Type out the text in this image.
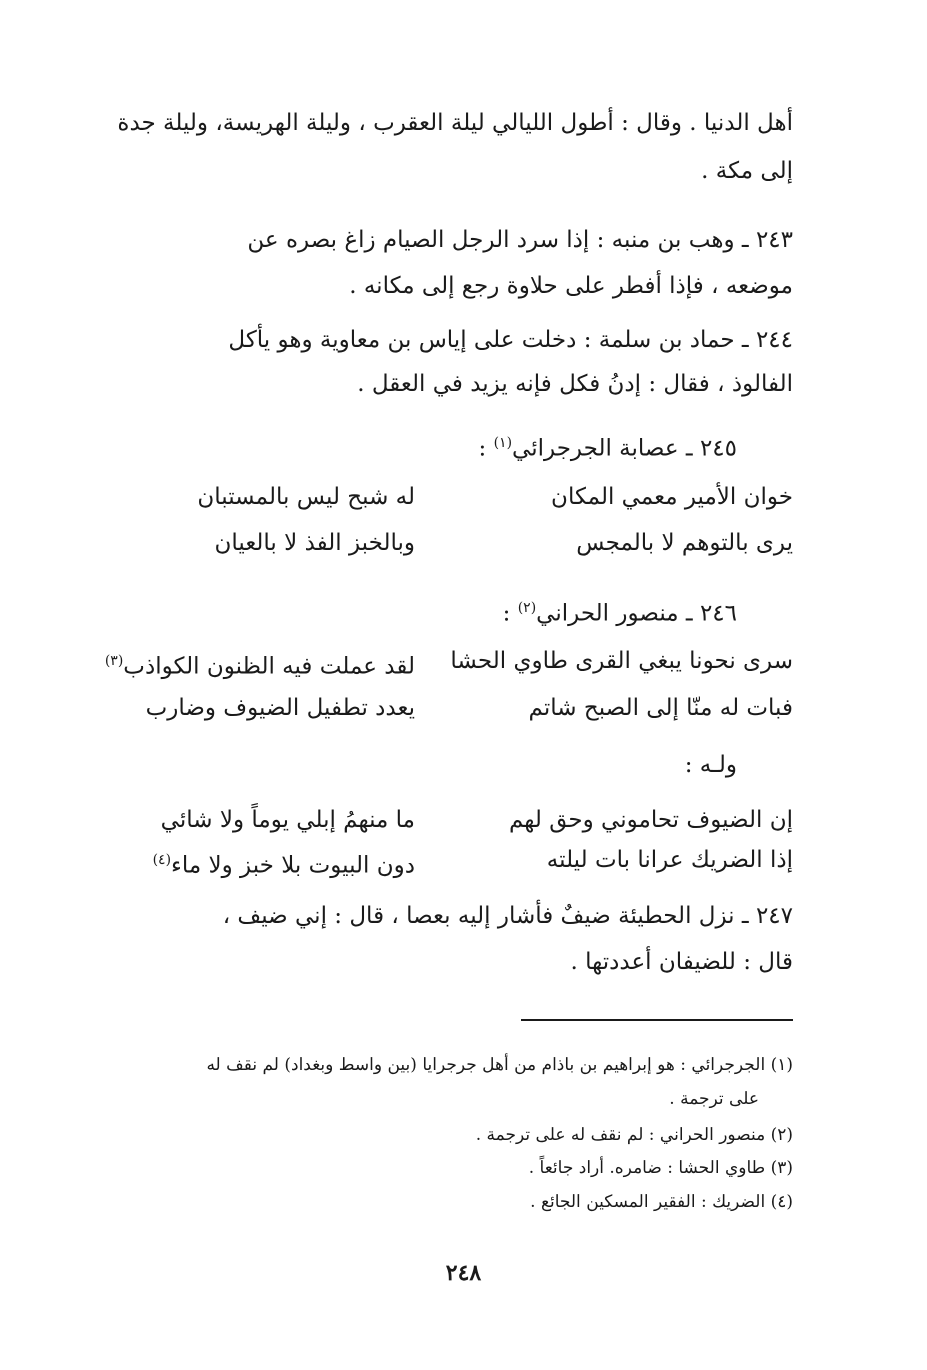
أهل الدنيا . وقال : أطول الليالي ليلة العقرب ، وليلة الهريسة، وليلة جدة
إلى مكة .
٢٤٣ ـ وهب بن منبه : إذا سرد الرجل الصيام زاغ بصره عن
موضعه ، فإذا أفطر على حلاوة رجع إلى مكانه .
٢٤٤ ـ حماد بن سلمة : دخلت على إياس بن معاوية وهو يأكل
الفالوذ ، فقال : إدنُ فكل فإنه يزيد في العقل .
٢٤٥ ـ عصابة الجرجرائي$^{(١)}$ :
خوان الأمير معمي المكان
له شبح ليس بالمستبان
يرى بالتوهم لا بالمجس
وبالخبز الفذ لا بالعيان
٢٤٦ ـ منصور الحراني$^{(٢)}$ :
سرى نحونا يبغي القرى طاوي الحشا
لقد عملت فيه الظنون الكواذب$^{(٣)}$
فبات له منّا إلى الصبح شاتم
يعدد تطفيل الضيوف وضارب
ولـه :
إن الضيوف تحاموني وحق لهم
ما منهمُ إبلي يوماً ولا شائي
إذا الضريك عرانا بات ليلته
دون البيوت بلا خبز ولا ماء$^{(٤)}$
٢٤٧ ـ نزل الحطيئة ضيفٌ فأشار إليه بعصا ، قال : إني ضيف ،
قال : للضيفان أعددتها .
(١) الجرجرائي : هو إبراهيم بن باذام من أهل جرجرايا (بين واسط وبغداد) لم نقف له
على ترجمة .
(٢) منصور الحراني : لم نقف له على ترجمة .
(٣) طاوي الحشا : ضامره. أراد جائعاً .
(٤) الضريك : الفقير المسكين الجائع .
٢٤٨
